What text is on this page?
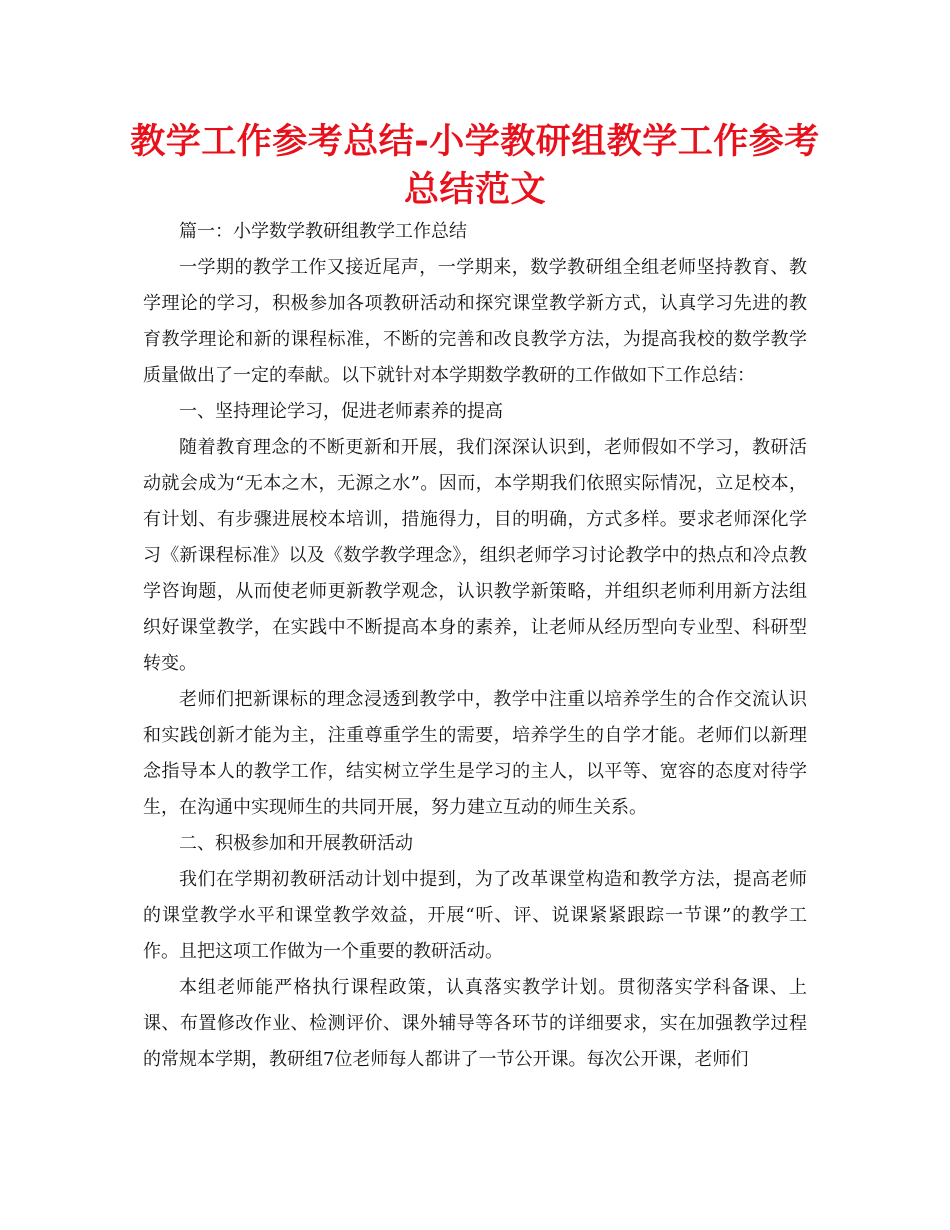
教学工作参考总结-小学教研组教学工作参考总结范文

篇一：小学数学教研组教学工作总结

一学期的教学工作又接近尾声，一学期来，数学教研组全组老师坚持教育、教学理论的学习，积极参加各项教研活动和探究课堂教学新方式，认真学习先进的教育教学理论和新的课程标准，不断的完善和改良教学方法，为提高我校的数学教学质量做出了一定的奉献。以下就针对本学期数学教研的工作做如下工作总结：

一、坚持理论学习，促进老师素养的提高

随着教育理念的不断更新和开展，我们深深认识到，老师假如不学习，教研活动就会成为“无本之木，无源之水”。因而，本学期我们依照实际情况，立足校本，有计划、有步骤进展校本培训，措施得力，目的明确，方式多样。要求老师深化学习《新课程标准》以及《数学教学理念》，组织老师学习讨论教学中的热点和冷点教学咨询题，从而使老师更新教学观念，认识教学新策略，并组织老师利用新方法组织好课堂教学，在实践中不断提高本身的素养，让老师从经历型向专业型、科研型转变。

老师们把新课标的理念浸透到教学中，教学中注重以培养学生的合作交流认识和实践创新才能为主，注重尊重学生的需要，培养学生的自学才能。老师们以新理念指导本人的教学工作，结实树立学生是学习的主人，以平等、宽容的态度对待学生，在沟通中实现师生的共同开展，努力建立互动的师生关系。

二、积极参加和开展教研活动

我们在学期初教研活动计划中提到，为了改革课堂构造和教学方法，提高老师的课堂教学水平和课堂教学效益，开展“听、评、说课紧紧跟踪一节课”的教学工作。且把这项工作做为一个重要的教研活动。

本组老师能严格执行课程政策，认真落实教学计划。贯彻落实学科备课、上课、布置修改作业、检测评价、课外辅导等各环节的详细要求，实在加强教学过程的常规本学期，教研组7位老师每人都讲了一节公开课。每次公开课，老师们
